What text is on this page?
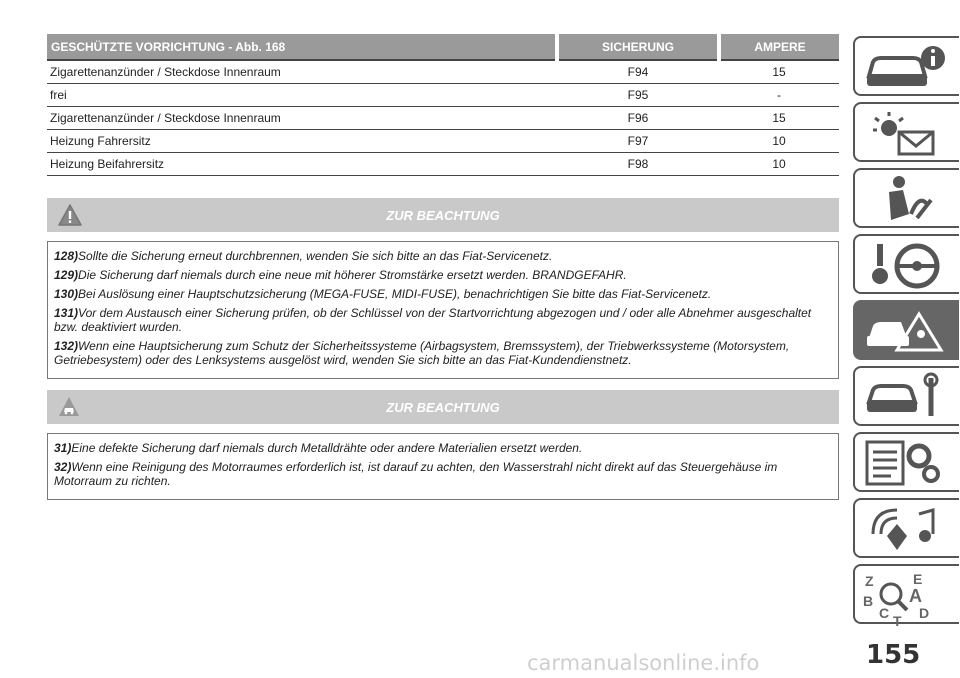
GESCHÜTZTE VORRICHTUNG - Abb. 168	SICHERUNG	AMPERE
Zigarettenanzünder / Steckdose Innenraum	F94	15
frei	F95	-
Zigarettenanzünder / Steckdose Innenraum	F96	15
Heizung Fahrersitz	F97	10
Heizung Beifahrersitz	F98	10
ZUR BEACHTUNG

128)Sollte die Sicherung erneut durchbrennen, wenden Sie sich bitte an das Fiat-Servicenetz.

129)Die Sicherung darf niemals durch eine neue mit höherer Stromstärke ersetzt werden. BRANDGEFAHR.

130)Bei Auslösung einer Hauptschutzsicherung (MEGA-FUSE, MIDI-FUSE), benachrichtigen Sie bitte das Fiat-Servicenetz.

131)Vor dem Austausch einer Sicherung prüfen, ob der Schlüssel von der Startvorrichtung abgezogen und / oder alle Abnehmer ausgeschaltet bzw. deaktiviert wurden.

132)Wenn eine Hauptsicherung zum Schutz der Sicherheitssysteme (Airbagsystem, Bremssystem), der Triebwerkssysteme (Motorsystem, Getriebesystem) oder des Lenksystems ausgelöst wird, wenden Sie sich bitte an das Fiat-Kundendienstnetz.

ZUR BEACHTUNG

31)Eine defekte Sicherung darf niemals durch Metalldrähte oder andere Materialien ersetzt werden.

32)Wenn eine Reinigung des Motorraumes erforderlich ist, ist darauf zu achten, den Wasserstrahl nicht direkt auf das Steuergehäuse im Motorraum zu richten.

Z	E
A
B
C D
T
155
carmanualsonline.info
